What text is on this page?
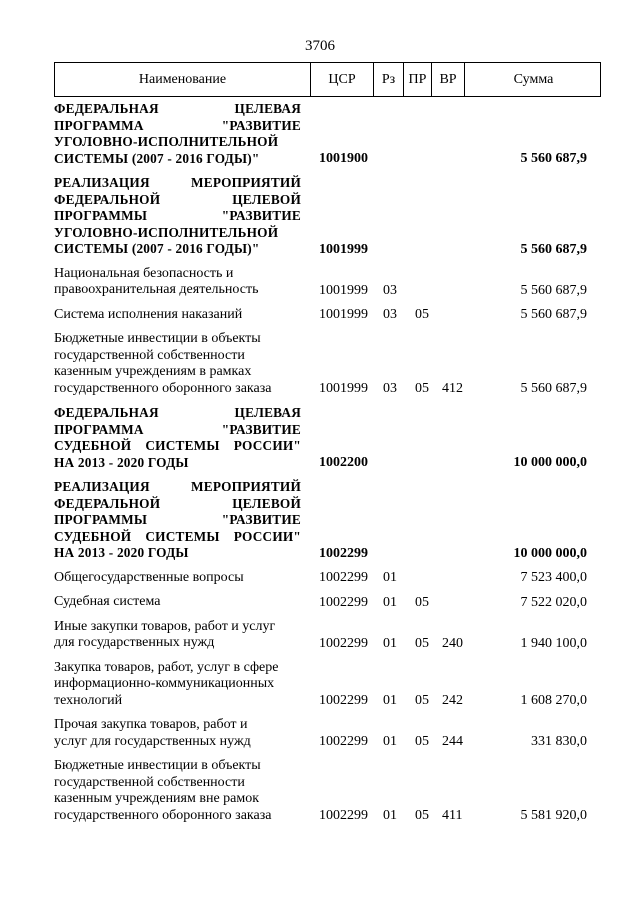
3706
Наименование	ЦСР	Рз ПР ВР	Сумма
ФЕДЕРАЛЬНАЯ ЦЕЛЕВАЯ
ПРОГРАММА "РАЗВИТИЕ
УГОЛОВНО-ИСПОЛНИТЕЛЬНОЙ
СИСТЕМЫ (2007 - 2016 ГОДЫ)"	1001900	5 560 687,9
РЕАЛИЗАЦИЯ МЕРОПРИЯТИЙ
ФЕДЕРАЛЬНОЙ ЦЕЛЕВОЙ
ПРОГРАММЫ "РАЗВИТИЕ
УГОЛОВНО-ИСПОЛНИТЕЛЬНОЙ
СИСТЕМЫ (2007 - 2016 ГОДЫ)"	1001999	5 560 687,9
Национальная безопасность и
правоохранительная деятельность	1001999 03	5 560 687,9
Система исполнения наказаний	1001999 03 05	5 560 687,9
Бюджетные инвестиции в объекты
государственной собственности
казенным учреждениям в рамках
государственного оборонного заказа	1001999 03 05 412	5 560 687,9
ФЕДЕРАЛЬНАЯ ЦЕЛЕВАЯ
ПРОГРАММА "РАЗВИТИЕ
СУДЕБНОЙ СИСТЕМЫ РОССИИ"
НА 2013 - 2020 ГОДЫ	1002200	10 000 000,0
РЕАЛИЗАЦИЯ МЕРОПРИЯТИЙ
ФЕДЕРАЛЬНОЙ ЦЕЛЕВОЙ
ПРОГРАММЫ "РАЗВИТИЕ
СУДЕБНОЙ СИСТЕМЫ РОССИИ"
НА 2013 - 2020 ГОДЫ	1002299	10 000 000,0
Общегосударственные вопросы	1002299 01	7 523 400,0
Судебная система	1002299 01 05	7 522 020,0
Иные закупки товаров, работ и услуг
для государственных нужд	1002299 01 05 240	1 940 100,0
Закупка товаров, работ, услуг в сфере
информационно-коммуникационных
технологий	1002299 01 05 242	1 608 270,0
Прочая закупка товаров, работ и
услуг для государственных нужд	1002299 01 05 244	331 830,0
Бюджетные инвестиции в объекты
государственной собственности
казенным учреждениям вне рамок
государственного оборонного заказа	1002299 01 05 411	5 581 920,0
